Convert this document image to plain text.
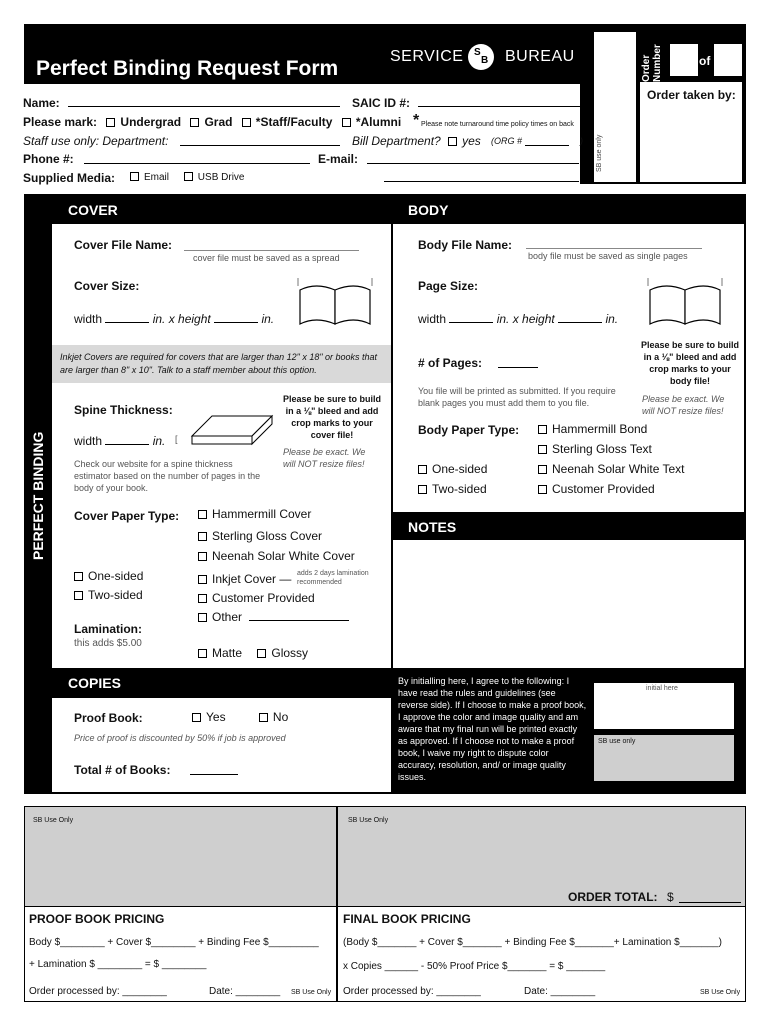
Perfect Binding Request Form
SERVICE S
B BUREAU	Order Number	of
Order taken by:
SB use only
Name:	SAIC ID #:
Please mark: Undergrad Grad *Staff/Faculty *Alumni * Please note turnaround time policy times on back
Staff use only: Department:	Bill Department? yes (ORG #	)
Phone #:	E-mail:
Supplied Media:	Email	USB Drive
PERFECT BINDING
COVER
Cover File Name:
cover file must be saved as a spread
Cover Size:
width	in. x height	in.
Inkjet Covers are required for covers that are larger than 12" x 18" or books that are larger than 8" x 10". Talk to a staff member about this option.
Spine Thickness:
Please be sure to build in a ⅛" bleed and add crop marks to your cover file!
width	in. [
Please be exact. We will NOT resize files!
Check our website for a spine thickness estimator based on the number of pages in the body of your book.
Cover Paper Type:	Hammermill Cover
Sterling Gloss Cover
Neenah Solar White Cover
One-sided	Inkjet Cover — adds 2 days lamination recommended
Two-sided	Customer Provided
Other
Lamination:
this adds $5.00
Matte Glossy
BODY
Body File Name:
body file must be saved as single pages
Page Size:
width	in. x height	in.
# of Pages:
Please be sure to build in a ⅛" bleed and add crop marks to your body file!
You file will be printed as submitted. If you require blank pages you must add them to you file.	Please be exact. We will NOT resize files!
Body Paper Type:	Hammermill Bond
Sterling Gloss Text
One-sided	Neenah Solar White Text
Two-sided	Customer Provided
NOTES
COPIES
Proof Book:	Yes	No
Price of proof is discounted by 50% if job is approved
Total # of Books:
By initialling here, I agree to the following: I have read the rules and guidelines (see reverse side). If I choose to make a proof book, I approve the color and image quality and am aware that my final run will be printed exactly as approved. If I choose not to make a proof book, I waive my right to dispute color accuracy, resolution, and/ or image quality issues.
initial here
SB use only
SB Use Only	SB Use Only
ORDER TOTAL: $
PROOF BOOK PRICING	FINAL BOOK PRICING
Body $________ + Cover $________ + Binding Fee $_________
+ Lamination $ ________ = $ ________
(Body $_______ + Cover $_______ + Binding Fee $_______+ Lamination $_______)
x Copies ______ - 50% Proof Price $_______ = $ _______
Order processed by: ________	Date: ________ SB Use Only Order processed by: ________	Date: ________	SB Use Only
